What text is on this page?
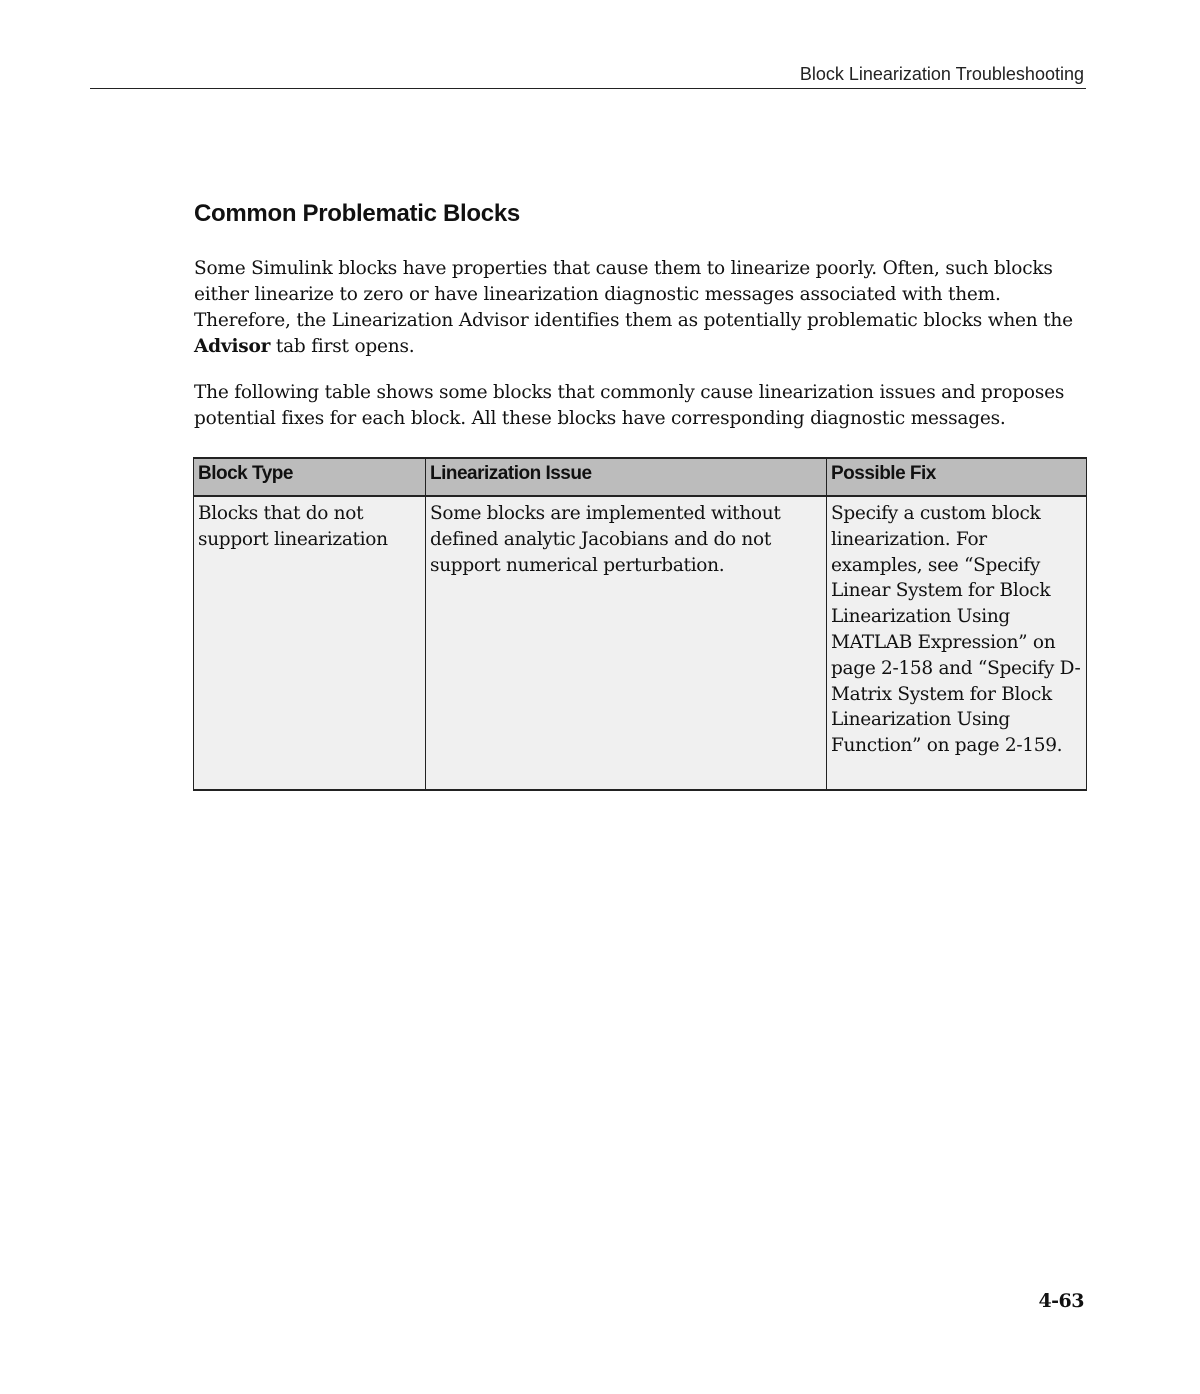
Block Linearization Troubleshooting
Common Problematic Blocks

Some Simulink blocks have properties that cause them to linearize poorly. Often, such blocks either linearize to zero or have linearization diagnostic messages associated with them. Therefore, the Linearization Advisor identifies them as potentially problematic blocks when the Advisor tab first opens.

The following table shows some blocks that commonly cause linearization issues and proposes potential fixes for each block. All these blocks have corresponding diagnostic messages.

Block Type	Linearization Issue	Possible Fix
Blocks that do not support linearization	Some blocks are implemented without defined analytic Jacobians and do not support numerical perturbation.	Specify a custom block linearization. For examples, see “Specify Linear System for Block Linearization Using MATLAB Expression” on page 2-158 and “Specify D-Matrix System for Block Linearization Using Function” on page 2-159.
4-63
